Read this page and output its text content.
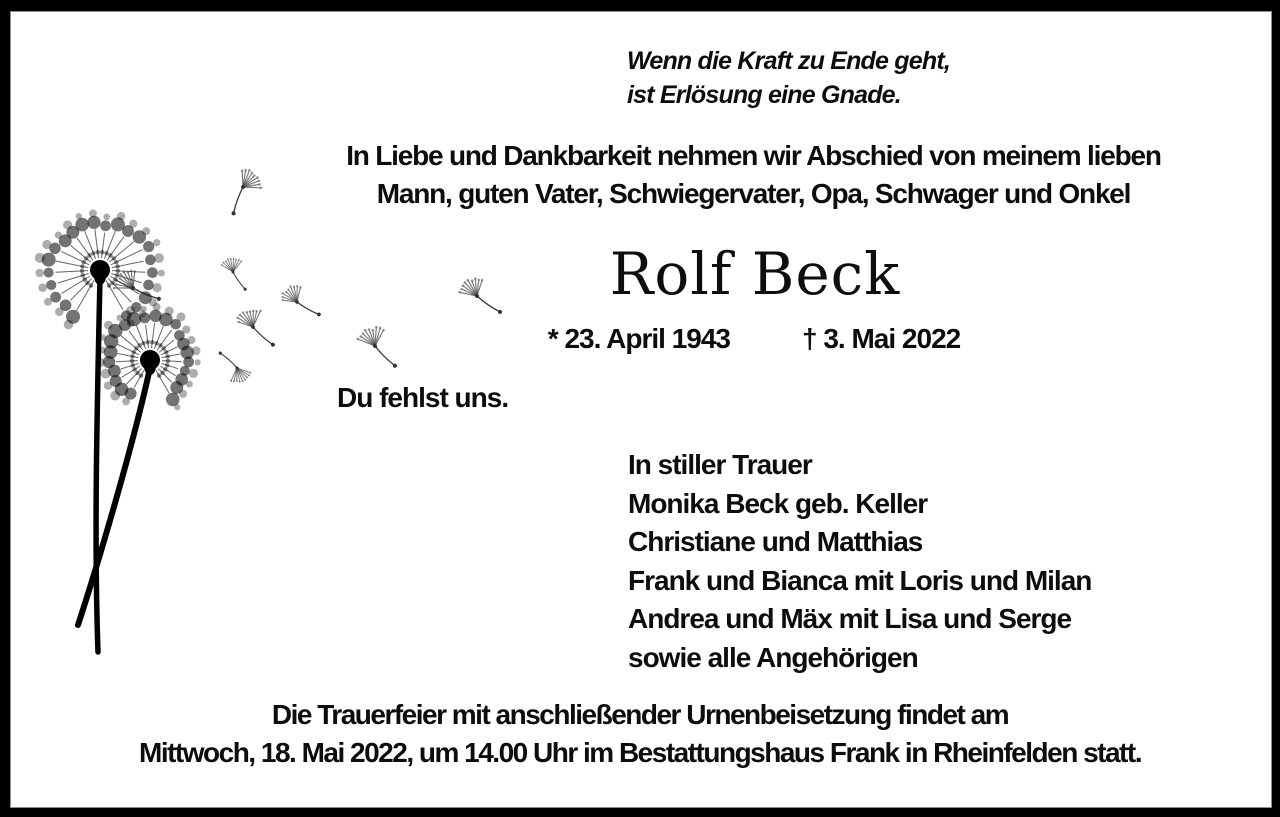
Wenn die Kraft zu Ende geht,
ist Erlösung eine Gnade.
In Liebe und Dankbarkeit nehmen wir Abschied von meinem lieben
Mann, guten Vater, Schwiegervater, Opa, Schwager und Onkel
Rolf Beck
* 23. April 1943	† 3. Mai 2022
Du fehlst uns.
In stiller Trauer
Monika Beck geb. Keller
Christiane und Matthias
Frank und Bianca mit Loris und Milan
Andrea und Mäx mit Lisa und Serge
sowie alle Angehörigen
Die Trauerfeier mit anschließender Urnenbeisetzung findet am
Mittwoch, 18. Mai 2022, um 14.00 Uhr im Bestattungshaus Frank in Rheinfelden statt.
